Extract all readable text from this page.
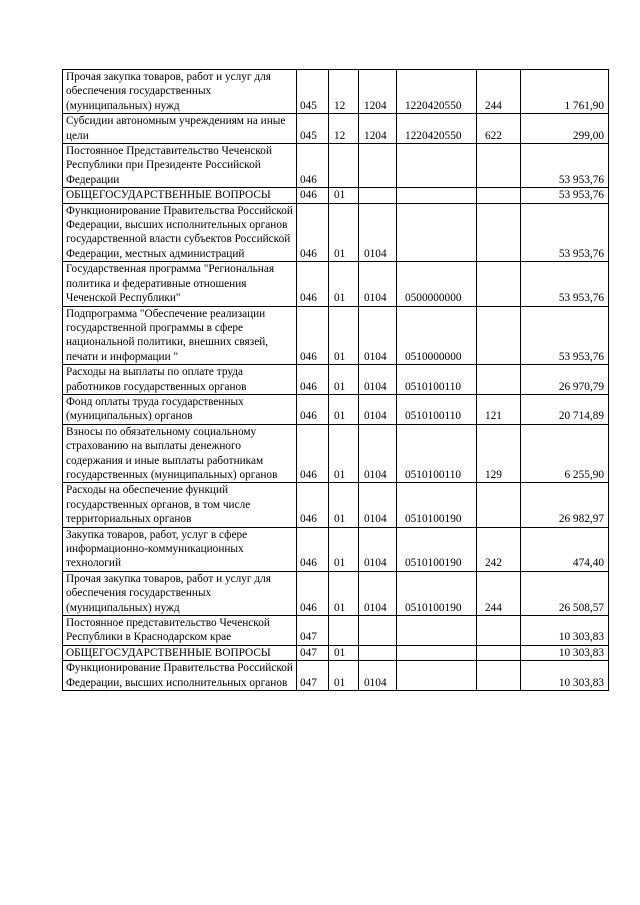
Прочая закупка товаров, работ и услуг для обеспечения государственных (муниципальных) нужд	045	12	1204	1220420550	244	1 761,90
Субсидии автономным учреждениям на иные цели	045	12	1204	1220420550	622	299,00
Постоянное Представительство Чеченской Республики при Президенте Российской Федерации	046					53 953,76
ОБЩЕГОСУДАРСТВЕННЫЕ ВОПРОСЫ	046	01				53 953,76
Функционирование Правительства Российской Федерации, высших исполнительных органов государственной власти субъектов Российской Федерации, местных администраций	046	01	0104			53 953,76
Государственная программа "Региональная политика и федеративные отношения Чеченской Республики"	046	01	0104	0500000000		53 953,76
Подпрограмма "Обеспечение реализации государственной программы в сфере национальной политики, внешних связей, печати и информации "	046	01	0104	0510000000		53 953,76
Расходы на выплаты по оплате труда работников государственных органов	046	01	0104	0510100110		26 970,79
Фонд оплаты труда государственных (муниципальных) органов	046	01	0104	0510100110	121	20 714,89
Взносы по обязательному социальному страхованию на выплаты денежного содержания и иные выплаты работникам государственных (муниципальных) органов	046	01	0104	0510100110	129	6 255,90
Расходы на обеспечение функций государственных органов, в том числе территориальных органов	046	01	0104	0510100190		26 982,97
Закупка товаров, работ, услуг в сфере информационно-коммуникационных технологий	046	01	0104	0510100190	242	474,40
Прочая закупка товаров, работ и услуг для обеспечения государственных (муниципальных) нужд	046	01	0104	0510100190	244	26 508,57
Постоянное представительство Чеченской Республики в Краснодарском крае	047					10 303,83
ОБЩЕГОСУДАРСТВЕННЫЕ ВОПРОСЫ	047	01				10 303,83
Функционирование Правительства Российской Федерации, высших исполнительных органов	047	01	0104			10 303,83
